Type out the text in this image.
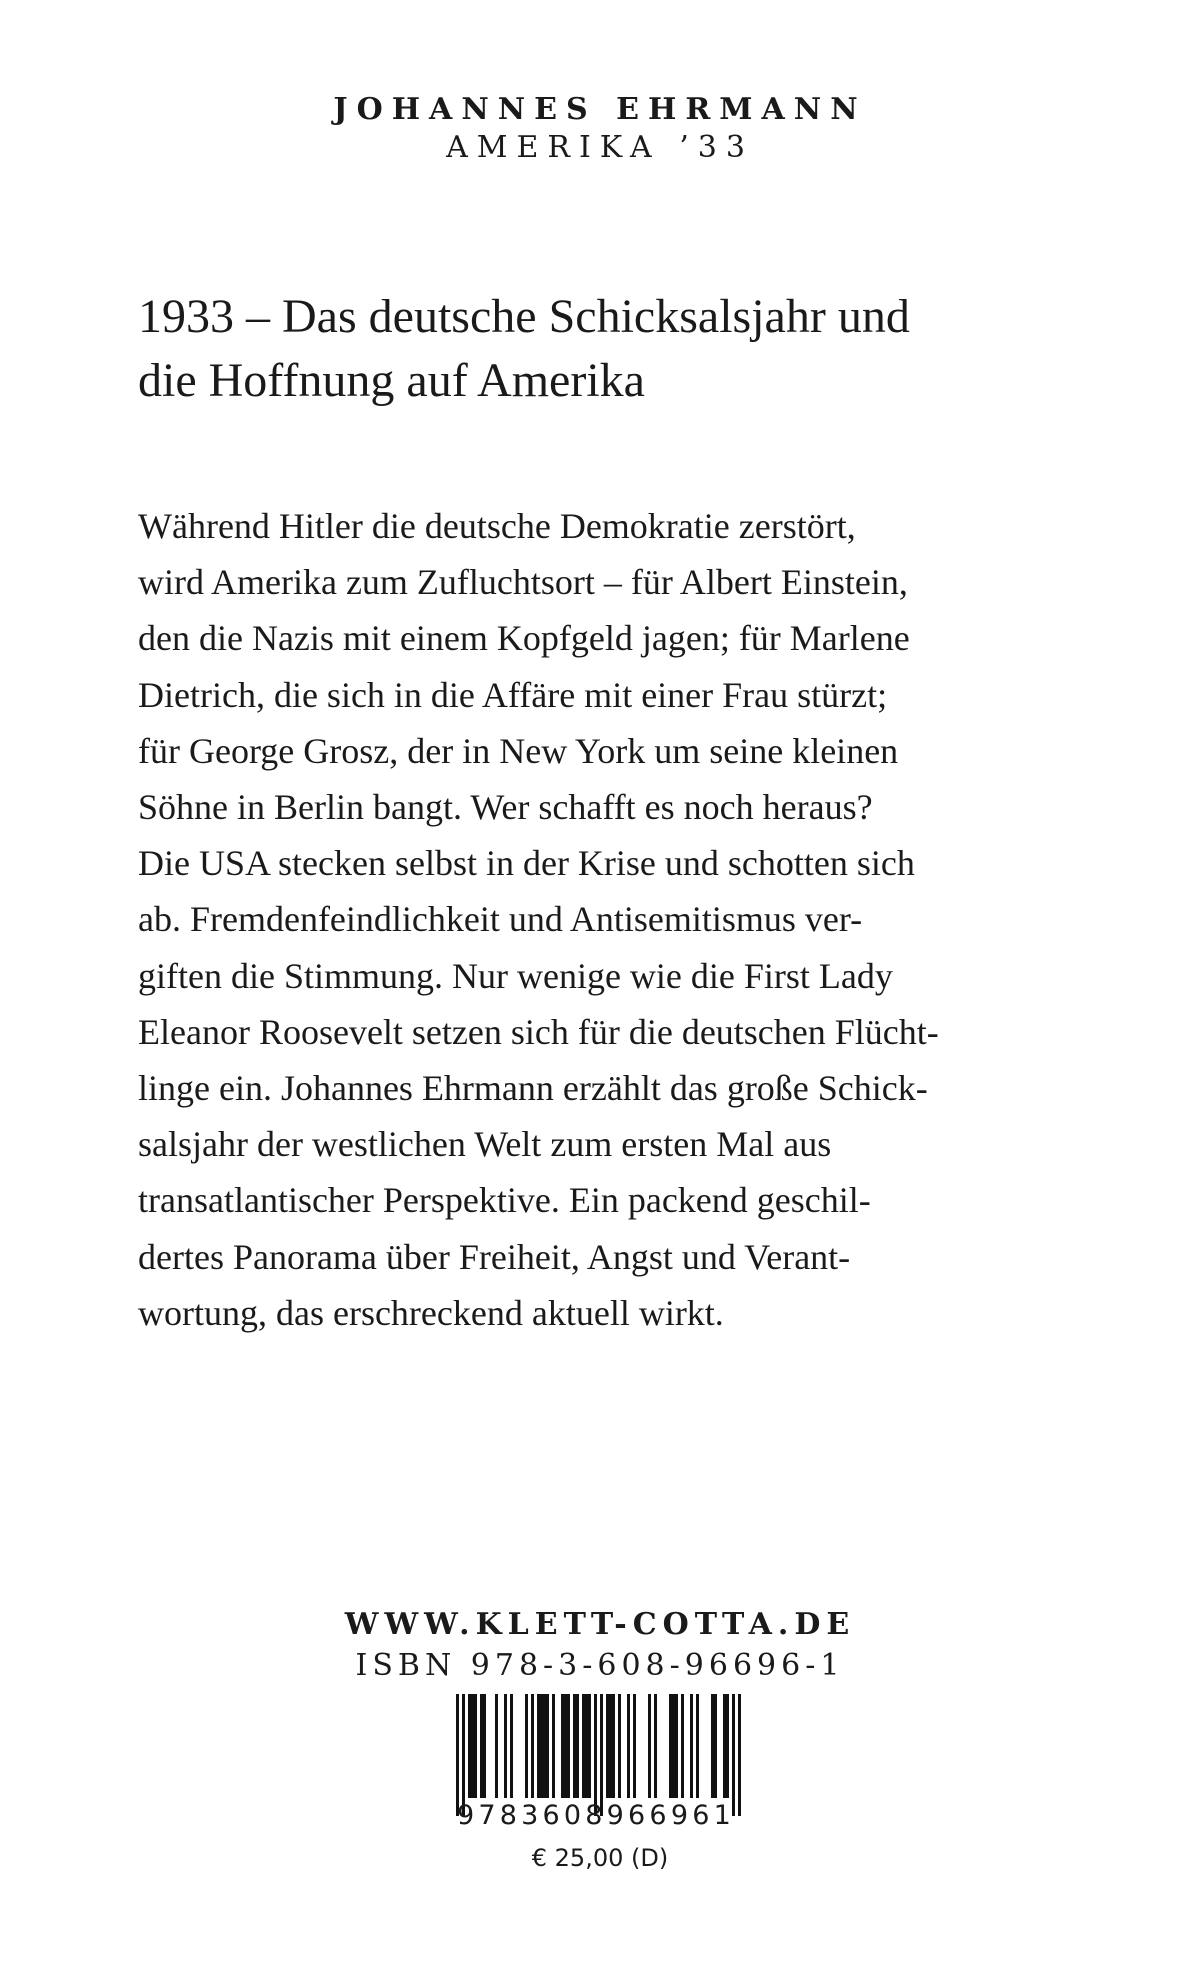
JOHANNES EHRMANN

AMERIKA ’33

1933 – Das deutsche Schicksalsjahr und
die Hoffnung auf Amerika

Während Hitler die deutsche Demokratie zerstört,
wird Amerika zum Zufluchtsort – für Albert Einstein,
den die Nazis mit einem Kopfgeld jagen; für Marlene
Dietrich, die sich in die Affäre mit einer Frau stürzt;
für George Grosz, der in New York um seine kleinen
Söhne in Berlin bangt. Wer schafft es noch heraus?
Die USA stecken selbst in der Krise und schotten sich
ab. Fremdenfeindlichkeit und Antisemitismus ver-
giften die Stimmung. Nur wenige wie die First Lady
Eleanor Roosevelt setzen sich für die deutschen Flücht-
linge ein. Johannes Ehrmann erzählt das große Schick-
salsjahr der westlichen Welt zum ersten Mal aus
transatlantischer Perspektive. Ein packend geschil-
dertes Panorama über Freiheit, Angst und Verant-
wortung, das erschreckend aktuell wirkt.

WWW.KLETT-COTTA.DE
ISBN 978-3-608-96696-1
9783608966961
€ 25,00 (D)
